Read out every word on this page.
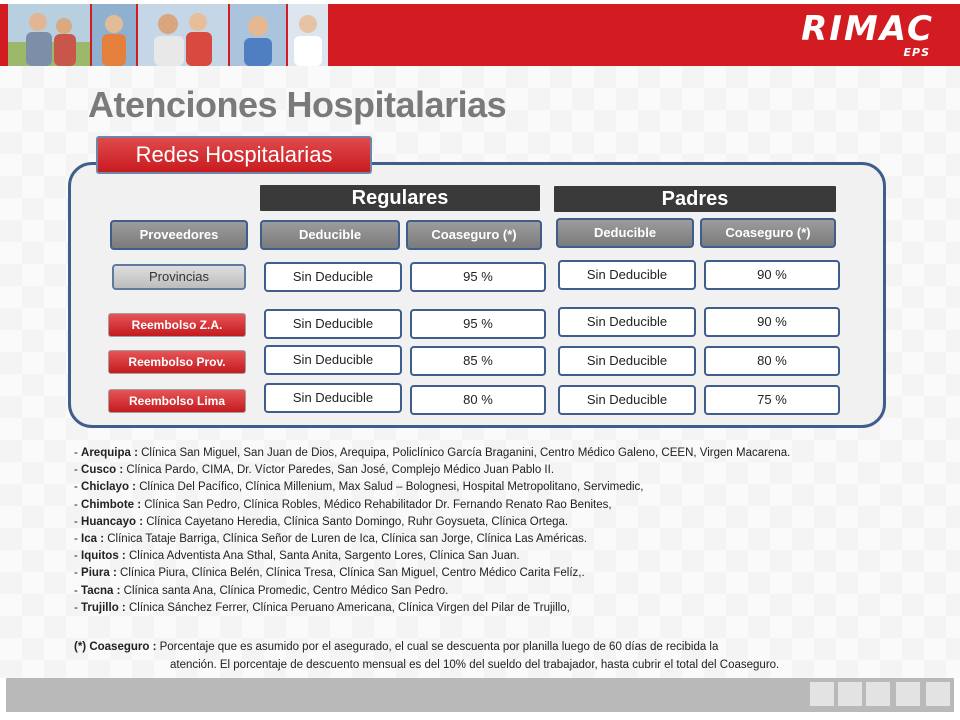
RIMAC
EPS
Atenciones Hospitalarias
Redes Hospitalarias
Regulares	Padres
Proveedores	Deducible	Coaseguro (*)	Deducible	Coaseguro (*)
Provincias	Sin Deducible	95 %	Sin Deducible	90 %
Reembolso Z.A.	Sin Deducible	95 %	Sin Deducible	90 %
Reembolso Prov.	Sin Deducible	85 %	Sin Deducible	80 %
Reembolso Lima	Sin Deducible	80 %	Sin Deducible	75 %
- Arequipa : Clínica San Miguel, San Juan de Dios, Arequipa, Policlínico García Braganini, Centro Médico Galeno, CEEN, Virgen Macarena.
- Cusco : Clínica Pardo, CIMA, Dr. Víctor Paredes, San José, Complejo Médico Juan Pablo II.
- Chiclayo : Clínica Del Pacífico, Clínica Millenium, Max Salud – Bolognesi, Hospital Metropolitano, Servimedic,
- Chimbote : Clínica San Pedro, Clínica Robles, Médico Rehabilitador Dr. Fernando Renato Rao Benites,
- Huancayo : Clínica Cayetano Heredia, Clínica Santo Domingo, Ruhr Goysueta, Clínica Ortega.
- Ica : Clínica Tataje Barriga, Clínica Señor de Luren de Ica, Clínica san Jorge, Clínica Las Américas.
- Iquitos : Clínica Adventista Ana Sthal, Santa Anita, Sargento Lores, Clínica San Juan.
- Piura : Clínica Piura, Clínica Belén, Clínica Tresa, Clínica San Miguel, Centro Médico Carita Felíz,.
- Tacna : Clínica santa Ana, Clínica Promedic, Centro Médico San Pedro.
- Trujillo : Clínica Sánchez Ferrer, Clínica Peruano Americana, Clínica Virgen del Pilar de Trujillo,
(*) Coaseguro : Porcentaje que es asumido por el asegurado, el cual se descuenta por planilla luego de 60 días de recibida la
atención. El porcentaje de descuento mensual es del 10% del sueldo del trabajador, hasta cubrir el total del Coaseguro.
